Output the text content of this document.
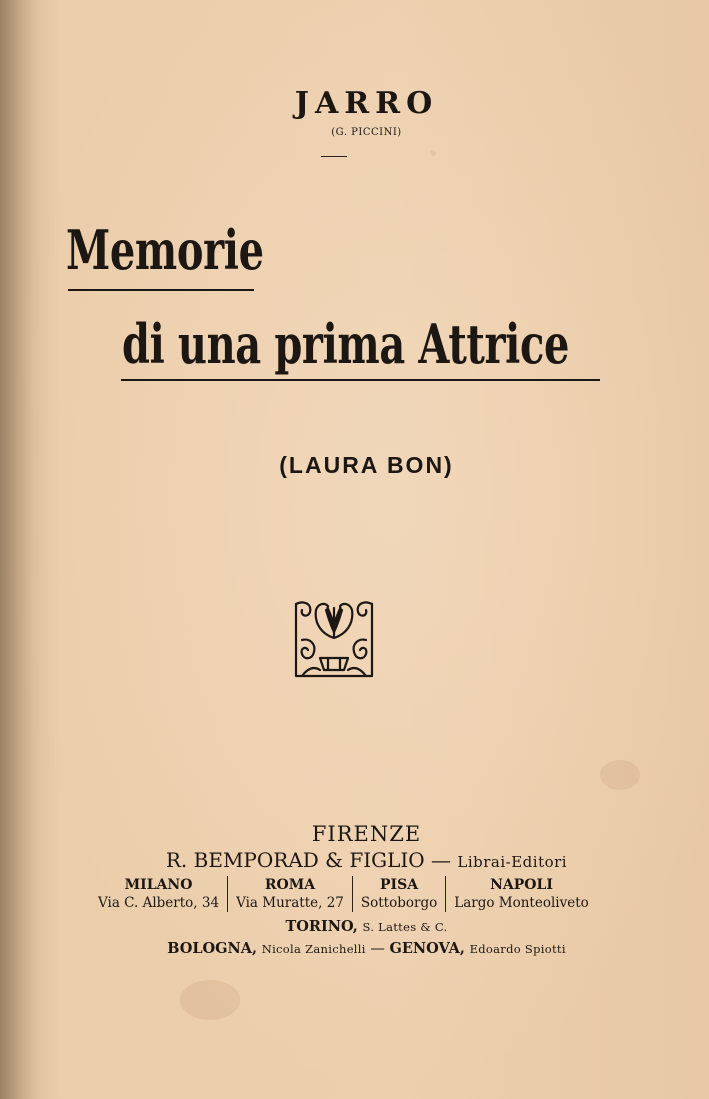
JARRO
(G. PICCINI)
Memorie
di una prima Attrice
(LAURA BON)
FIRENZE
R. BEMPORAD & FIGLIO — Librai-Editori
MILANO
Via C. Alberto, 34
ROMA
Via Muratte, 27
PISA
Sottoborgo
NAPOLI
Largo Monteoliveto
TORINO, S. Lattes & C.
BOLOGNA, Nicola Zanichelli — GENOVA, Edoardo Spiotti
